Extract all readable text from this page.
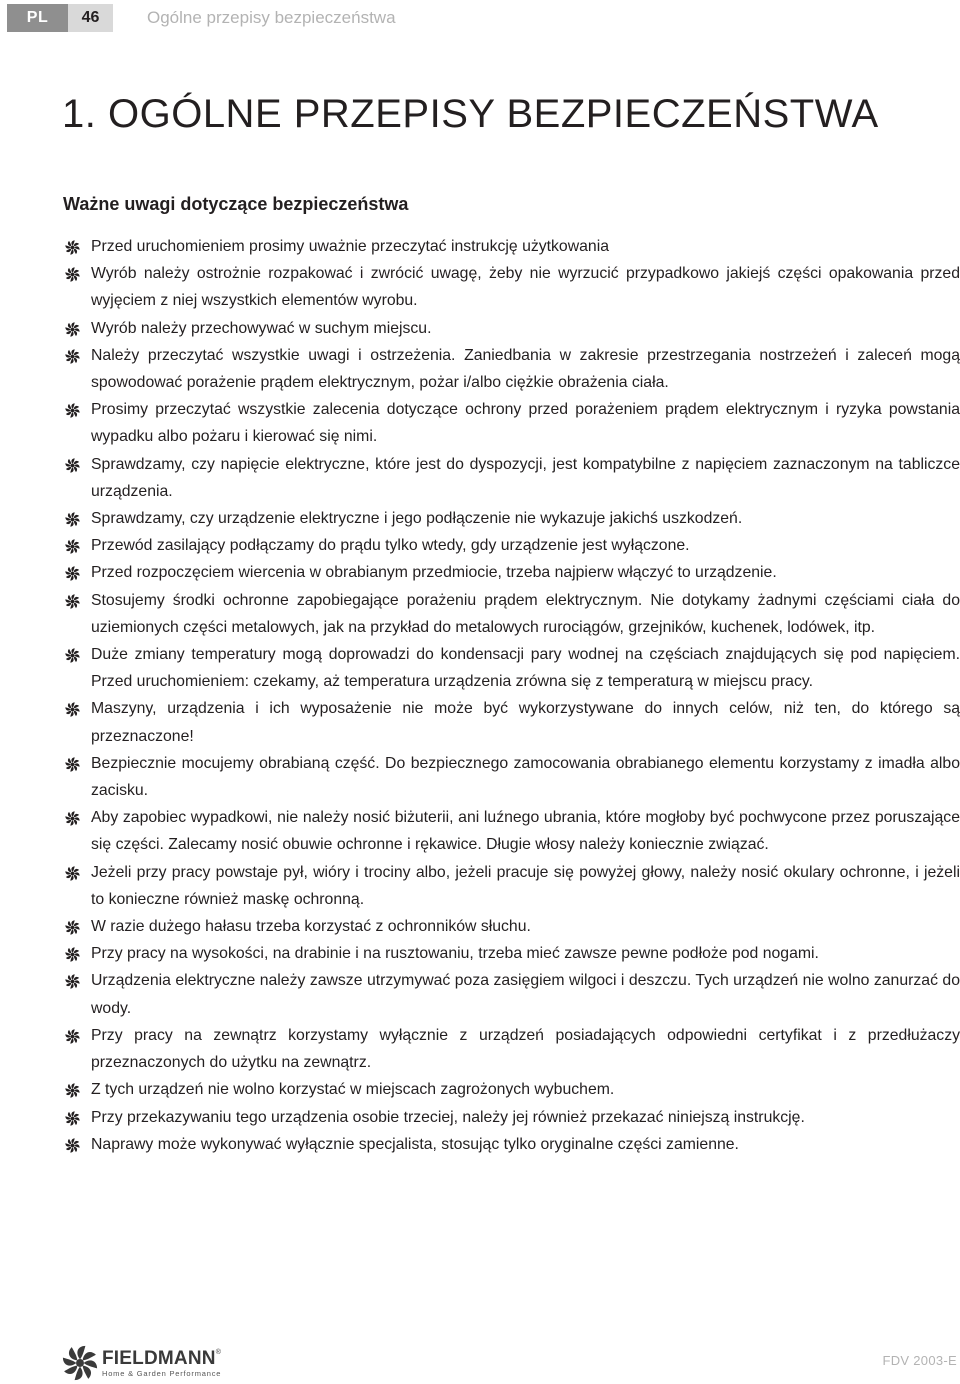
PL	46	Ogólne przepisy bezpieczeństwa
1. OGÓLNE PRZEPISY BEZPIECZEŃSTWA
Ważne uwagi dotyczące bezpieczeństwa
Przed uruchomieniem prosimy uważnie przeczytać instrukcję użytkowania
Wyrób należy ostrożnie rozpakować i zwrócić uwagę, żeby nie wyrzucić przypadkowo jakiejś części opakowania przed wyjęciem z niej wszystkich elementów wyrobu.
Wyrób należy przechowywać w suchym miejscu.
Należy przeczytać wszystkie uwagi i ostrzeżenia. Zaniedbania w zakresie przestrzegania nostrzeżeń i zaleceń mogą spowodować porażenie prądem elektrycznym, pożar i/albo ciężkie obrażenia ciała.
Prosimy przeczytać wszystkie zalecenia dotyczące ochrony przed porażeniem prądem elektrycznym i ryzyka powstania wypadku albo pożaru i kierować się nimi.
Sprawdzamy, czy napięcie elektryczne, które jest do dyspozycji, jest kompatybilne z napięciem zaznaczonym na tabliczce urządzenia.
Sprawdzamy, czy urządzenie elektryczne i jego podłączenie nie wykazuje jakichś uszkodzeń.
Przewód zasilający podłączamy do prądu tylko wtedy, gdy urządzenie jest wyłączone.
Przed rozpoczęciem wiercenia w obrabianym przedmiocie, trzeba najpierw włączyć to urządzenie.
Stosujemy środki ochronne zapobiegające porażeniu prądem elektrycznym. Nie dotykamy żadnymi częściami ciała do uziemionych części metalowych, jak na przykład do metalowych rurociągów, grzejników, kuchenek, lodówek, itp.
Duże zmiany temperatury mogą doprowadzi do kondensacji pary wodnej na częściach znajdujących się pod napięciem. Przed uruchomieniem: czekamy, aż temperatura urządzenia zrówna się z temperaturą w miejscu pracy.
Maszyny, urządzenia i ich wyposażenie nie może być wykorzystywane do innych celów, niż ten, do którego są przeznaczone!
Bezpiecznie mocujemy obrabianą część. Do bezpiecznego zamocowania obrabianego elementu korzystamy z imadła albo zacisku.
Aby zapobiec wypadkowi, nie należy nosić biżuterii, ani luźnego ubrania, które mogłoby być pochwycone przez poruszające się części. Zalecamy nosić obuwie ochronne i rękawice. Długie włosy należy koniecznie związać.
Jeżeli przy pracy powstaje pył, wióry i trociny albo, jeżeli pracuje się powyżej głowy, należy nosić okulary ochronne, i jeżeli to konieczne również maskę ochronną.
W razie dużego hałasu trzeba korzystać z ochronników słuchu.
Przy pracy na wysokości, na drabinie i na rusztowaniu, trzeba mieć zawsze pewne podłoże pod nogami.
Urządzenia elektryczne należy zawsze utrzymywać poza zasięgiem wilgoci i deszczu. Tych urządzeń nie wolno zanurzać do wody.
Przy pracy na zewnątrz korzystamy wyłącznie z urządzeń posiadających odpowiedni certyfikat i z przedłużaczy przeznaczonych do użytku na zewnątrz.
Z tych urządzeń nie wolno korzystać w miejscach zagrożonych wybuchem.
Przy przekazywaniu tego urządzenia osobie trzeciej, należy jej również przekazać niniejszą instrukcję.
Naprawy może wykonywać wyłącznie specjalista, stosując tylko oryginalne części zamienne.
FIELDMANN®
Home & Garden Performance
FDV 2003-E
